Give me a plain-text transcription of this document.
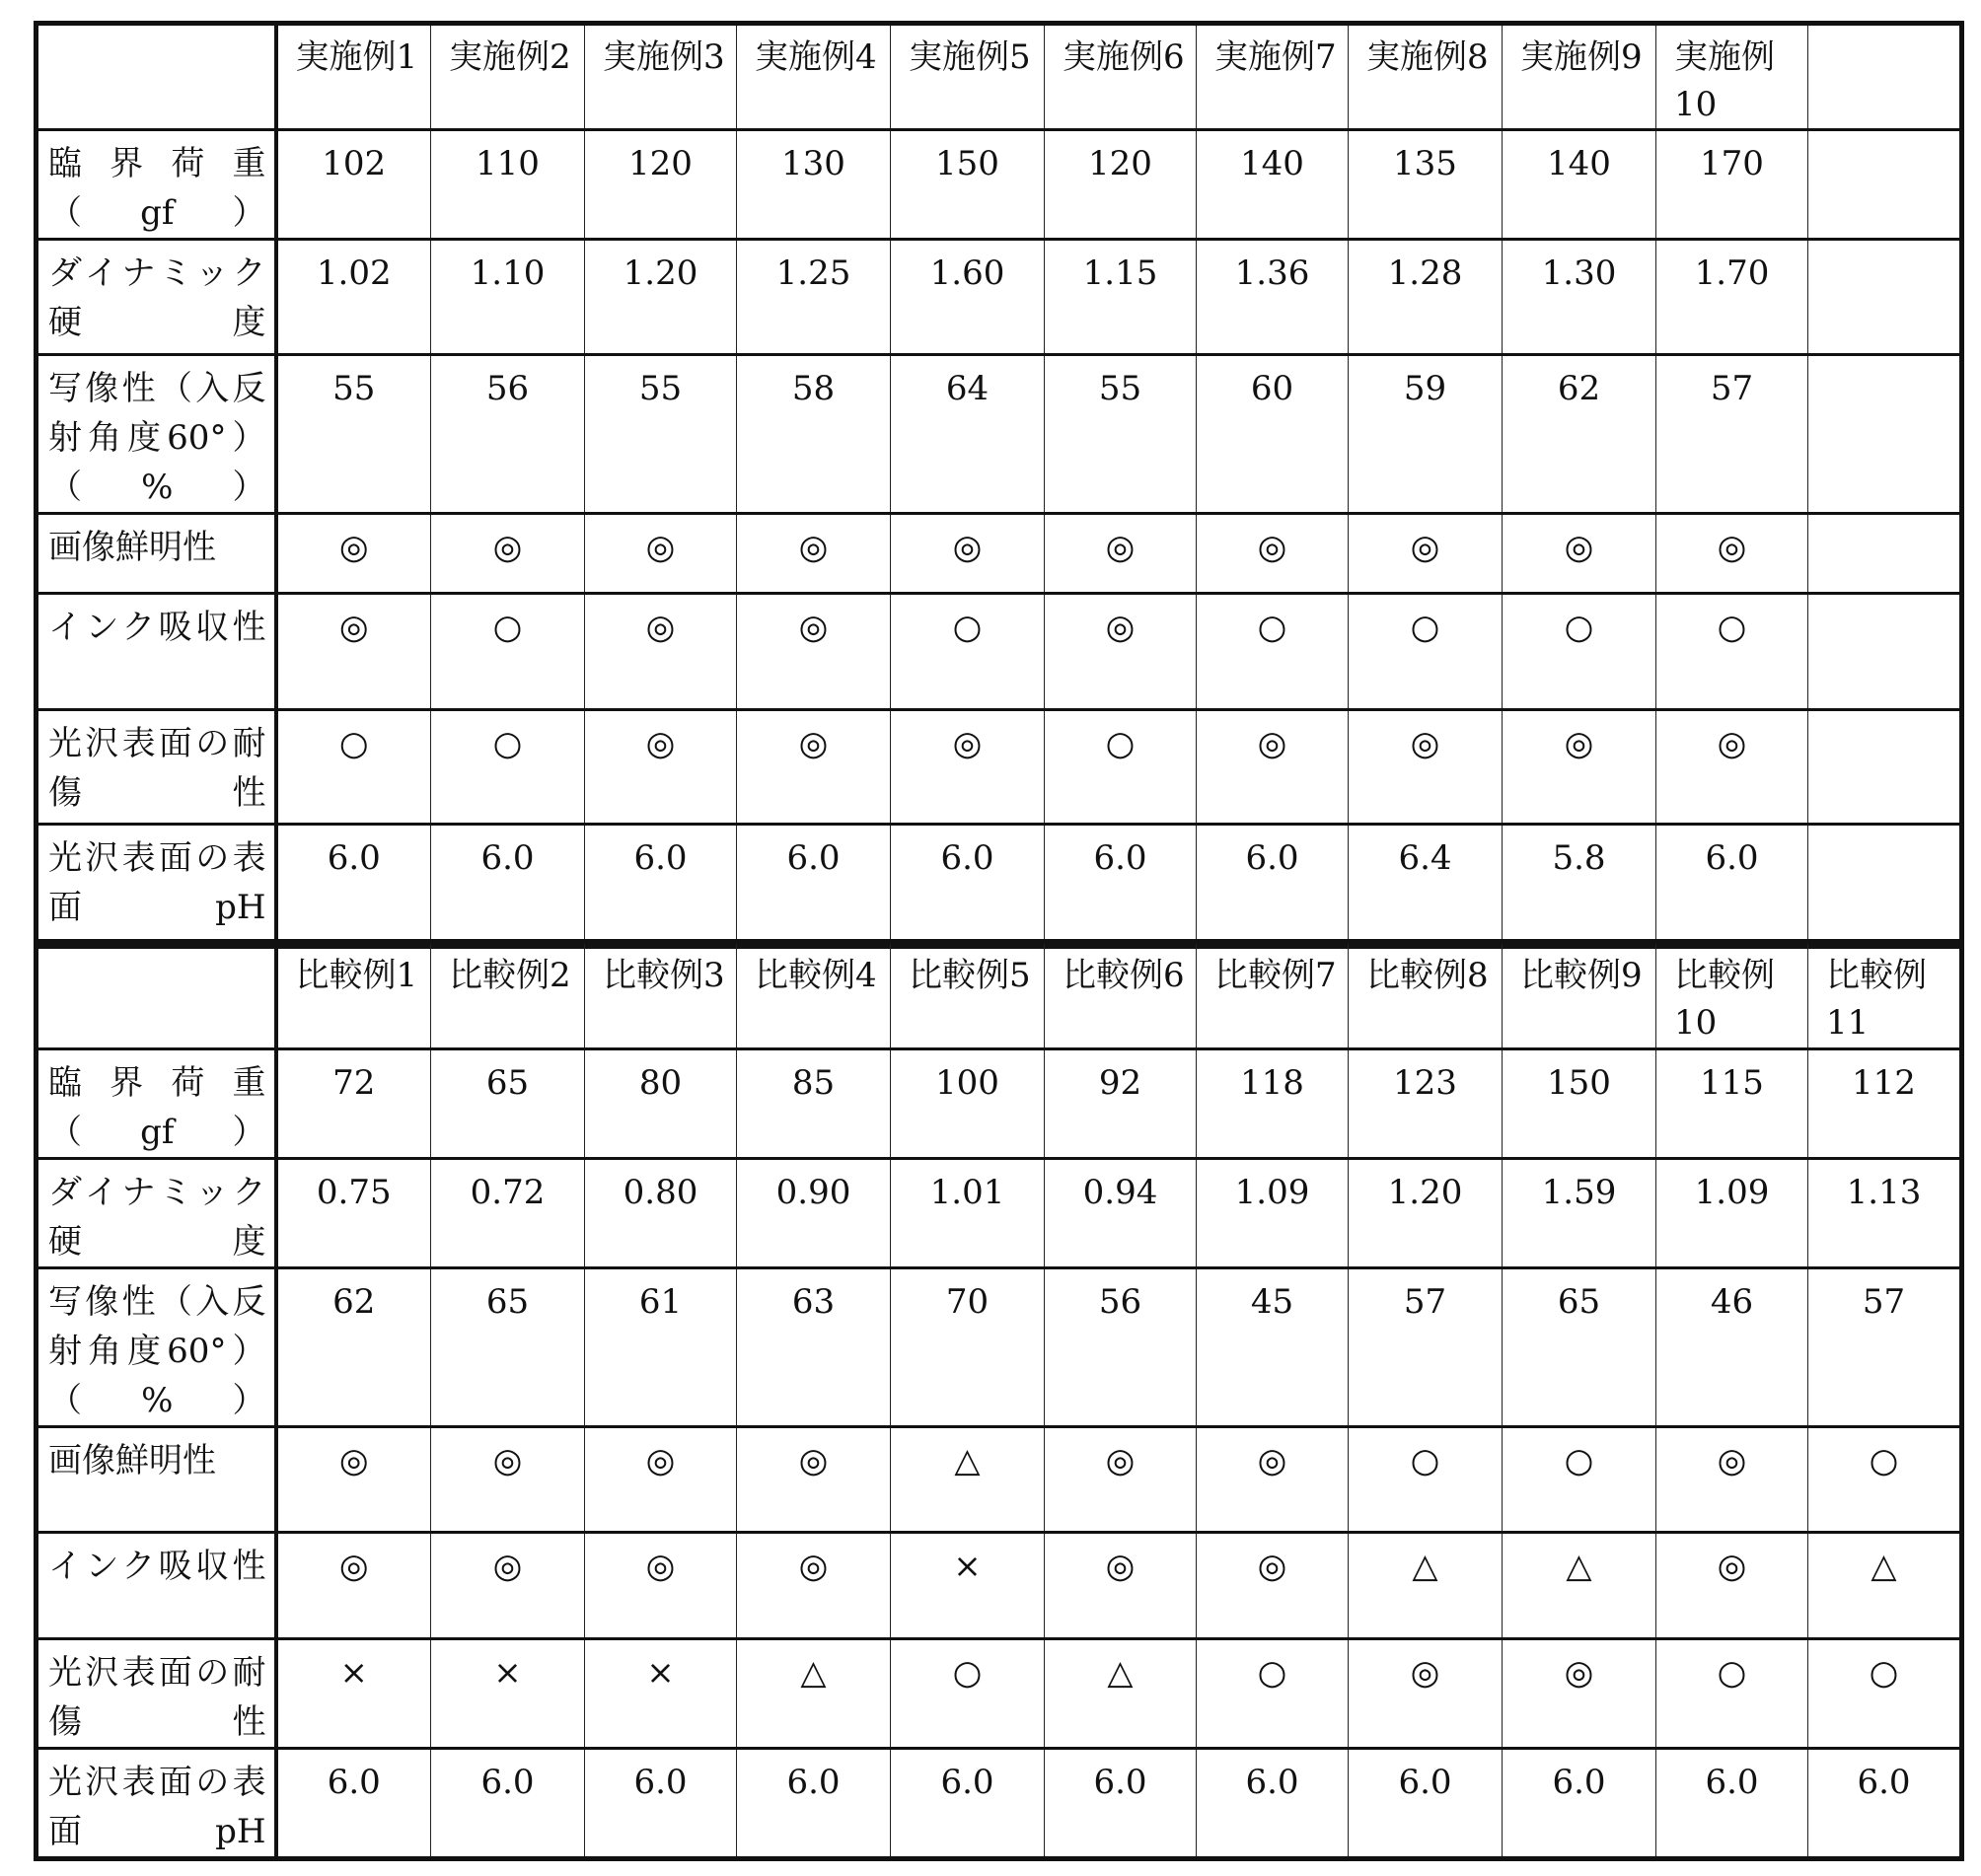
	実施例1	実施例2	実施例3	実施例4	実施例5	実施例6	実施例7	実施例8	実施例9	実施例10	
臨界荷重（gf）	102	110	120	130	150	120	140	135	140	170	
ダイナミック硬度	1.02	1.10	1.20	1.25	1.60	1.15	1.36	1.28	1.30	1.70	
写像性（入反射角度60°）（%）	55	56	55	58	64	55	60	59	62	57	
画像鮮明性	◎	◎	◎	◎	◎	◎	◎	◎	◎	◎	
インク吸収性	◎	○	◎	◎	○	◎	○	○	○	○	
光沢表面の耐傷性	○	○	◎	◎	◎	○	◎	◎	◎	◎	
光沢表面の表面pH	6.0	6.0	6.0	6.0	6.0	6.0	6.0	6.4	5.8	6.0	
	比較例1	比較例2	比較例3	比較例4	比較例5	比較例6	比較例7	比較例8	比較例9	比較例10	比較例11
臨界荷重（gf）	72	65	80	85	100	92	118	123	150	115	112
ダイナミック硬度	0.75	0.72	0.80	0.90	1.01	0.94	1.09	1.20	1.59	1.09	1.13
写像性（入反射角度60°）（%）	62	65	61	63	70	56	45	57	65	46	57
画像鮮明性	◎	◎	◎	◎	△	◎	◎	○	○	◎	○
インク吸収性	◎	◎	◎	◎	×	◎	◎	△	△	◎	△
光沢表面の耐傷性	×	×	×	△	○	△	○	◎	◎	○	○
光沢表面の表面pH	6.0	6.0	6.0	6.0	6.0	6.0	6.0	6.0	6.0	6.0	6.0
